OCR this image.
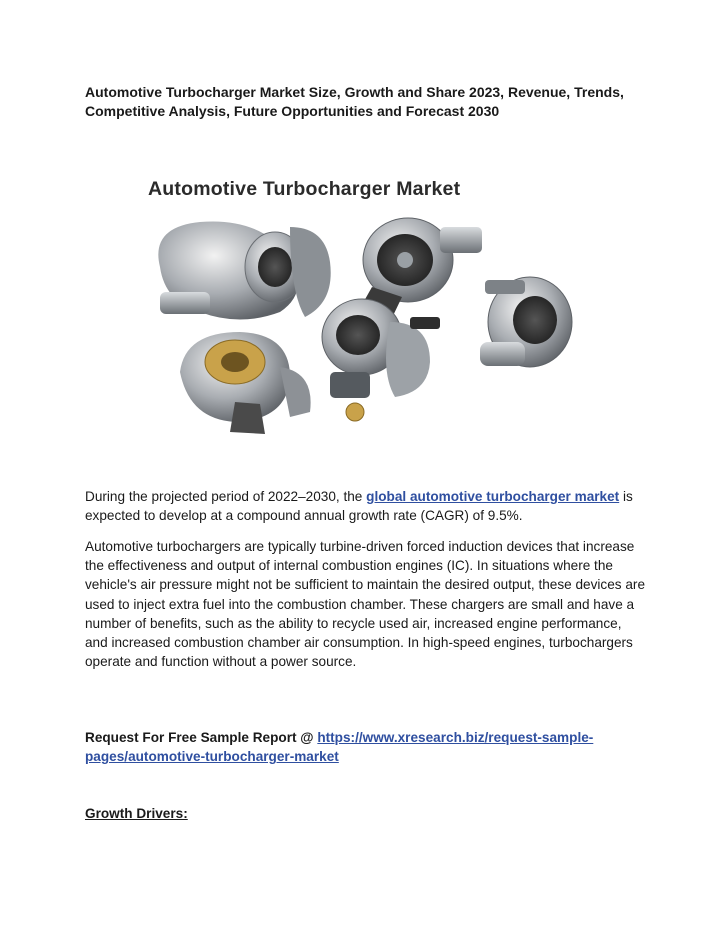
Automotive Turbocharger Market Size, Growth and Share 2023, Revenue, Trends, Competitive Analysis, Future Opportunities and Forecast 2030

Automotive Turbocharger Market

During the projected period of 2022–2030, the global automotive turbocharger market is expected to develop at a compound annual growth rate (CAGR) of 9.5%.

Automotive turbochargers are typically turbine-driven forced induction devices that increase the effectiveness and output of internal combustion engines (IC). In situations where the vehicle's air pressure might not be sufficient to maintain the desired output, these devices are used to inject extra fuel into the combustion chamber. These chargers are small and have a number of benefits, such as the ability to recycle used air, increased engine performance, and increased combustion chamber air consumption. In high-speed engines, turbochargers operate and function without a power source.

Request For Free Sample Report @ https://www.xresearch.biz/request-sample-pages/automotive-turbocharger-market

Growth Drivers:
